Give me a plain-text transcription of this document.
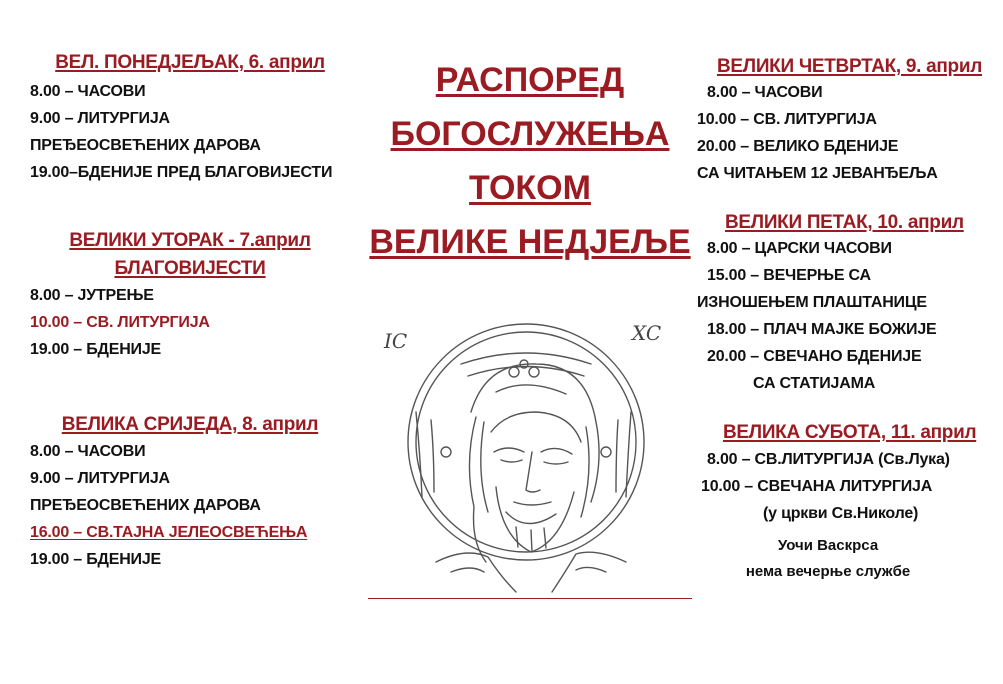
ВЕЛ. ПОНЕДЈЕЉАК, 6. април
8.00 – ЧАСОВИ
9.00 – ЛИТУРГИЈА
ПРЕЂЕОСВЕЋЕНИХ ДАРОВА
19.00–БДЕНИЈЕ ПРЕД БЛАГОВИЈЕСТИ
ВЕЛИКИ УТОРАК - 7.април
БЛАГОВИЈЕСТИ
8.00 – ЈУТРЕЊЕ
10.00 – СВ. ЛИТУРГИЈА
19.00 – БДЕНИЈЕ
ВЕЛИКА СРИЈЕДА, 8. април
8.00 – ЧАСОВИ
9.00 – ЛИТУРГИЈА
ПРЕЂЕОСВЕЋЕНИХ ДАРОВА
16.00 – СВ.ТАЈНА ЈЕЛЕОСВЕЋЕЊА
19.00 – БДЕНИЈЕ
РАСПОРЕД
БОГОСЛУЖЕЊА
ТОКОМ
ВЕЛИКЕ НЕДЈЕЉЕ
IC	XC
ВЕЛИКИ ЧЕТВРТАК, 9. април
8.00 – ЧАСОВИ
10.00 – СВ. ЛИТУРГИЈА
20.00 – ВЕЛИКО БДЕНИЈЕ
СА ЧИТАЊЕМ 12 ЈЕВАНЂЕЉА
ВЕЛИКИ ПЕТАК, 10. април
8.00 – ЦАРСКИ ЧАСОВИ
15.00 – ВЕЧЕРЊЕ СА
ИЗНОШЕЊЕМ ПЛАШТАНИЦЕ
18.00 – ПЛАЧ МАЈКЕ БОЖИЈЕ
20.00 – СВЕЧАНО БДЕНИЈЕ
СА СТАТИЈАМА
ВЕЛИКА СУБОТА, 11. април
8.00 – СВ.ЛИТУРГИЈА (Св.Лука)
10.00 – СВЕЧАНА ЛИТУРГИЈА
(у цркви Св.Николе)
Уочи Васкрса
нема вечерње службе
